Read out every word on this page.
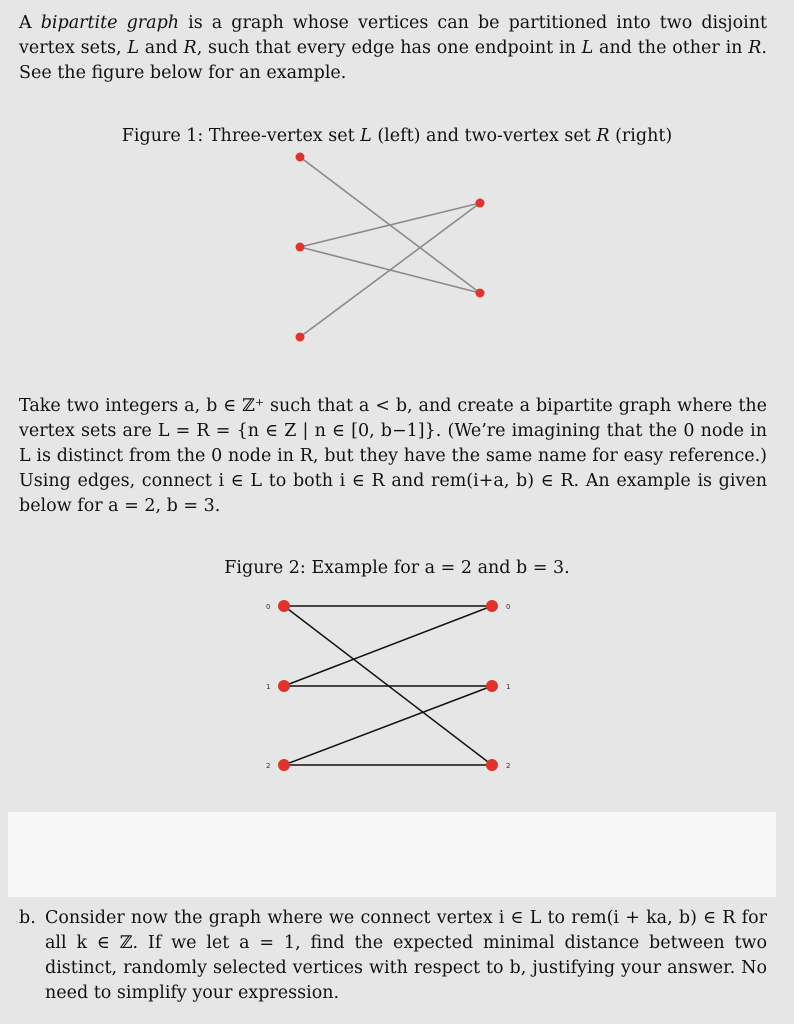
A bipartite graph is a graph whose vertices can be partitioned into two disjoint vertex sets, L and R, such that every edge has one endpoint in L and the other in R. See the figure below for an example.

Figure 1: Three-vertex set L (left) and two-vertex set R (right)

Take two integers a, b ∈ ℤ⁺ such that a < b, and create a bipartite graph where the vertex sets are L = R = {n ∈ Z | n ∈ [0, b−1]}. (We’re imagining that the 0 node in L is distinct from the 0 node in R, but they have the same name for easy reference.) Using edges, connect i ∈ L to both i ∈ R and rem(i+a, b) ∈ R. An example is given below for a = 2, b = 3.

Figure 2: Example for a = 2 and b = 3.

0
1
2
0
1
2
b. Consider now the graph where we connect vertex i ∈ L to rem(i + ka, b) ∈ R for all k ∈ ℤ. If we let a = 1, find the expected minimal distance between two distinct, randomly selected vertices with respect to b, justifying your answer. No need to simplify your expression.
